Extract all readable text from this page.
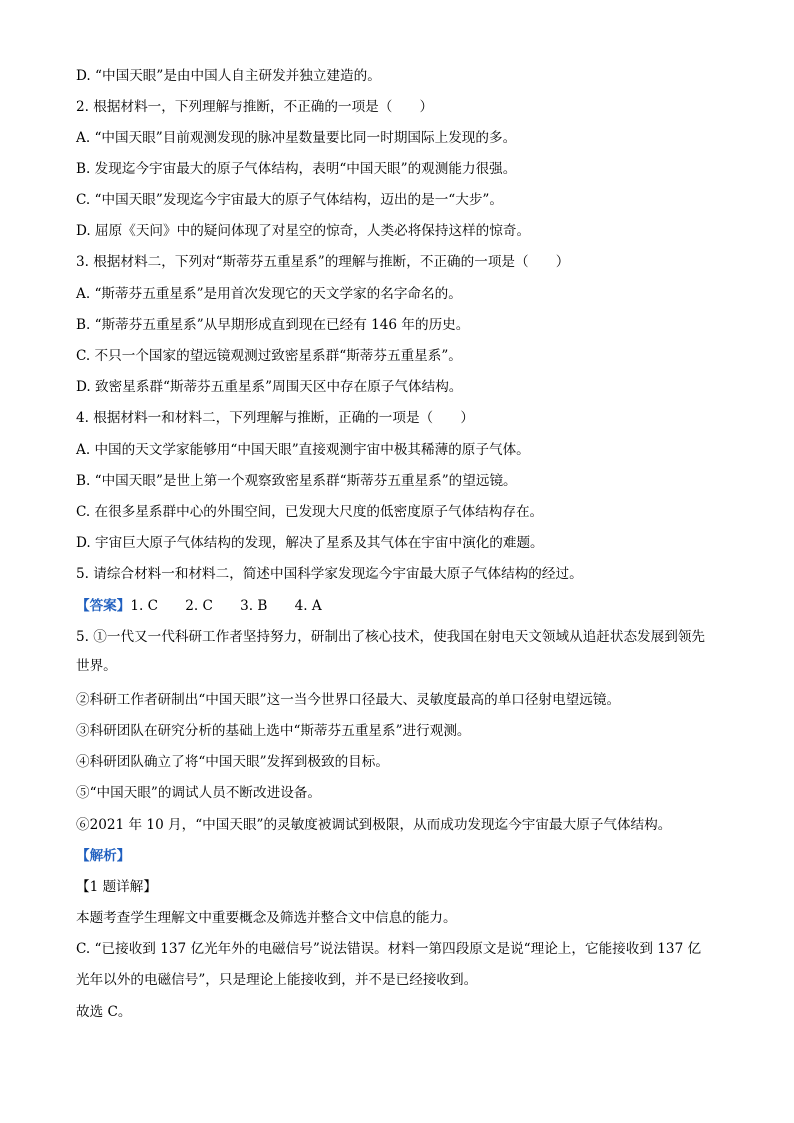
D. “中国天眼”是由中国人自主研发并独立建造的。
2. 根据材料一，下列理解与推断，不正确的一项是（　　）
A. “中国天眼”目前观测发现的脉冲星数量要比同一时期国际上发现的多。
B. 发现迄今宇宙最大的原子气体结构，表明“中国天眼”的观测能力很强。
C. “中国天眼”发现迄今宇宙最大的原子气体结构，迈出的是一“大步”。
D. 屈原《天问》中的疑问体现了对星空的惊奇，人类必将保持这样的惊奇。
3. 根据材料二，下列对“斯蒂芬五重星系”的理解与推断，不正确的一项是（　　）
A. “斯蒂芬五重星系”是用首次发现它的天文学家的名字命名的。
B. “斯蒂芬五重星系”从早期形成直到现在已经有 146 年的历史。
C. 不只一个国家的望远镜观测过致密星系群“斯蒂芬五重星系”。
D. 致密星系群“斯蒂芬五重星系”周围天区中存在原子气体结构。
4. 根据材料一和材料二，下列理解与推断，正确的一项是（　　）
A. 中国的天文学家能够用“中国天眼”直接观测宇宙中极其稀薄的原子气体。
B. “中国天眼”是世上第一个观察致密星系群“斯蒂芬五重星系”的望远镜。
C. 在很多星系群中心的外围空间，已发现大尺度的低密度原子气体结构存在。
D. 宇宙巨大原子气体结构的发现，解决了星系及其气体在宇宙中演化的难题。
5. 请综合材料一和材料二，简述中国科学家发现迄今宇宙最大原子气体结构的经过。
【答案】1. C　　2. C　　3. B　　4. A
5. ①一代又一代科研工作者坚持努力，研制出了核心技术，使我国在射电天文领域从追赶状态发展到领先
世界。
②科研工作者研制出“中国天眼”这一当今世界口径最大、灵敏度最高的单口径射电望远镜。
③科研团队在研究分析的基础上选中“斯蒂芬五重星系”进行观测。
④科研团队确立了将“中国天眼”发挥到极致的目标。
⑤“中国天眼”的调试人员不断改进设备。
⑥2021 年 10 月，“中国天眼”的灵敏度被调试到极限，从而成功发现迄今宇宙最大原子气体结构。
【解析】
【1 题详解】
本题考查学生理解文中重要概念及筛选并整合文中信息的能力。
C. “已接收到 137 亿光年外的电磁信号”说法错误。材料一第四段原文是说“理论上，它能接收到 137 亿
光年以外的电磁信号”，只是理论上能接收到，并不是已经接收到。
故选 C。
